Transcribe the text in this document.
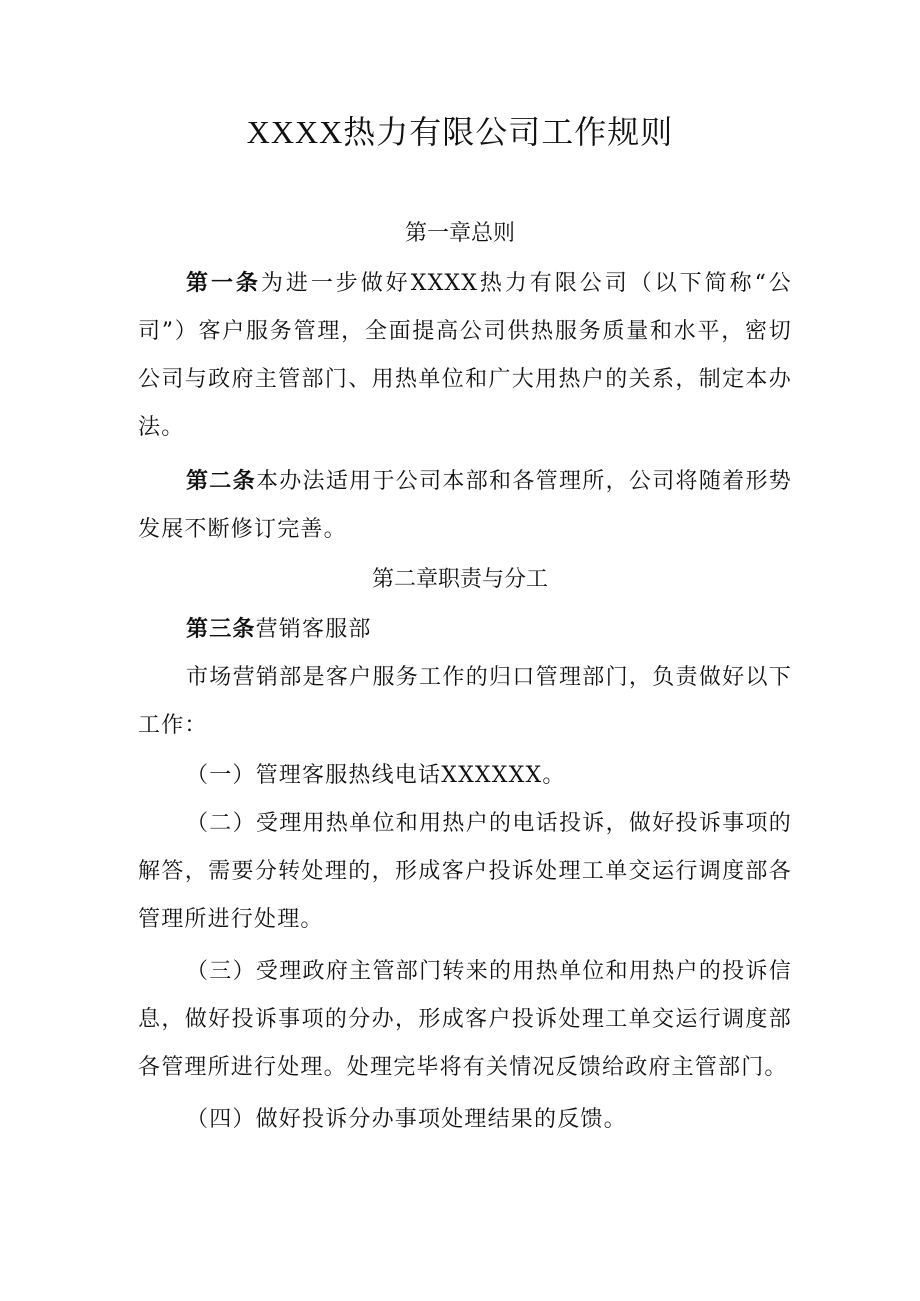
XXXX热力有限公司工作规则
第一章总则
第一条为进一步做好XXXX热力有限公司（以下简称“公司”）客户服务管理，全面提高公司供热服务质量和水平，密切公司与政府主管部门、用热单位和广大用热户的关系，制定本办法。
第二条本办法适用于公司本部和各管理所，公司将随着形势发展不断修订完善。
第二章职责与分工
第三条营销客服部
市场营销部是客户服务工作的归口管理部门，负责做好以下工作：
（一）管理客服热线电话XXXXXX。
（二）受理用热单位和用热户的电话投诉，做好投诉事项的解答，需要分转处理的，形成客户投诉处理工单交运行调度部各管理所进行处理。
（三）受理政府主管部门转来的用热单位和用热户的投诉信息，做好投诉事项的分办，形成客户投诉处理工单交运行调度部各管理所进行处理。处理完毕将有关情况反馈给政府主管部门。
（四）做好投诉分办事项处理结果的反馈。
